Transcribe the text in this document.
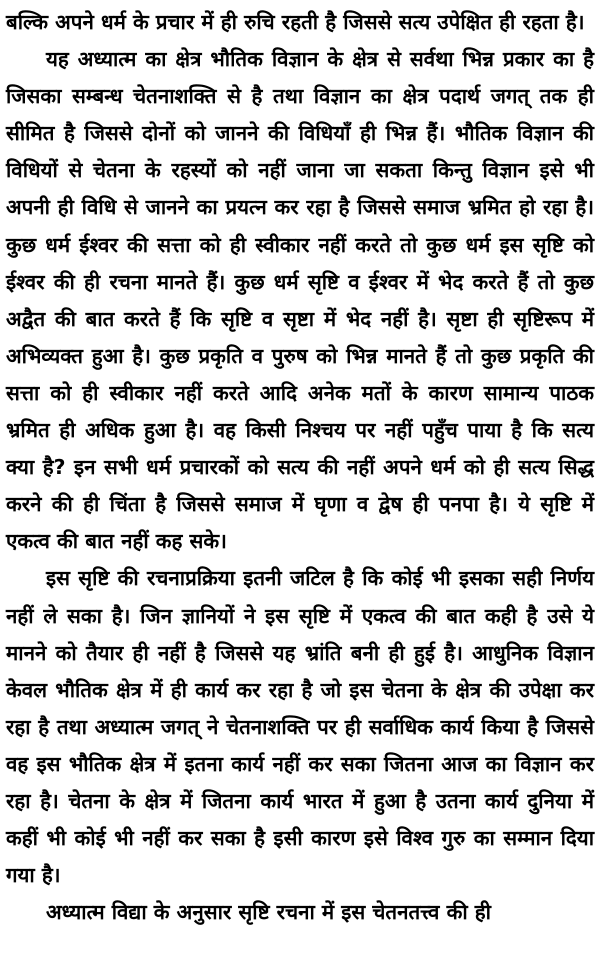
बल्कि अपने धर्म के प्रचार में ही रुचि रहती है जिससे सत्य उपेक्षित ही रहता है।

यह अध्यात्म का क्षेत्र भौतिक विज्ञान के क्षेत्र से सर्वथा भिन्न प्रकार का है जिसका सम्बन्ध चेतनाशक्ति से है तथा विज्ञान का क्षेत्र पदार्थ जगत् तक ही सीमित है जिससे दोनों को जानने की विधियाँ ही भिन्न हैं। भौतिक विज्ञान की विधियों से चेतना के रहस्यों को नहीं जाना जा सकता किन्तु विज्ञान इसे भी अपनी ही विधि से जानने का प्रयत्न कर रहा है जिससे समाज भ्रमित हो रहा है। कुछ धर्म ईश्वर की सत्ता को ही स्वीकार नहीं करते तो कुछ धर्म इस सृष्टि को ईश्वर की ही रचना मानते हैं। कुछ धर्म सृष्टि व ईश्वर में भेद करते हैं तो कुछ अद्वैत की बात करते हैं कि सृष्टि व सृष्टा में भेद नहीं है। सृष्टा ही सृष्टिरूप में अभिव्यक्त हुआ है। कुछ प्रकृति व पुरुष को भिन्न मानते हैं तो कुछ प्रकृति की सत्ता को ही स्वीकार नहीं करते आदि अनेक मतों के कारण सामान्य पाठक भ्रमित ही अधिक हुआ है। वह किसी निश्चय पर नहीं पहुँच पाया है कि सत्य क्या है? इन सभी धर्म प्रचारकों को सत्य की नहीं अपने धर्म को ही सत्य सिद्ध करने की ही चिंता है जिससे समाज में घृणा व द्वेष ही पनपा है। ये सृष्टि में एकत्व की बात नहीं कह सके।

इस सृष्टि की रचनाप्रक्रिया इतनी जटिल है कि कोई भी इसका सही निर्णय नहीं ले सका है। जिन ज्ञानियों ने इस सृष्टि में एकत्व की बात कही है उसे ये मानने को तैयार ही नहीं है जिससे यह भ्रांति बनी ही हुई है। आधुनिक विज्ञान केवल भौतिक क्षेत्र में ही कार्य कर रहा है जो इस चेतना के क्षेत्र की उपेक्षा कर रहा है तथा अध्यात्म जगत् ने चेतनाशक्ति पर ही सर्वाधिक कार्य किया है जिससे वह इस भौतिक क्षेत्र में इतना कार्य नहीं कर सका जितना आज का विज्ञान कर रहा है। चेतना के क्षेत्र में जितना कार्य भारत में हुआ है उतना कार्य दुनिया में कहीं भी कोई भी नहीं कर सका है इसी कारण इसे विश्व गुरु का सम्मान दिया गया है।

अध्यात्म विद्या के अनुसार सृष्टि रचना में इस चेतनतत्त्व की ही
